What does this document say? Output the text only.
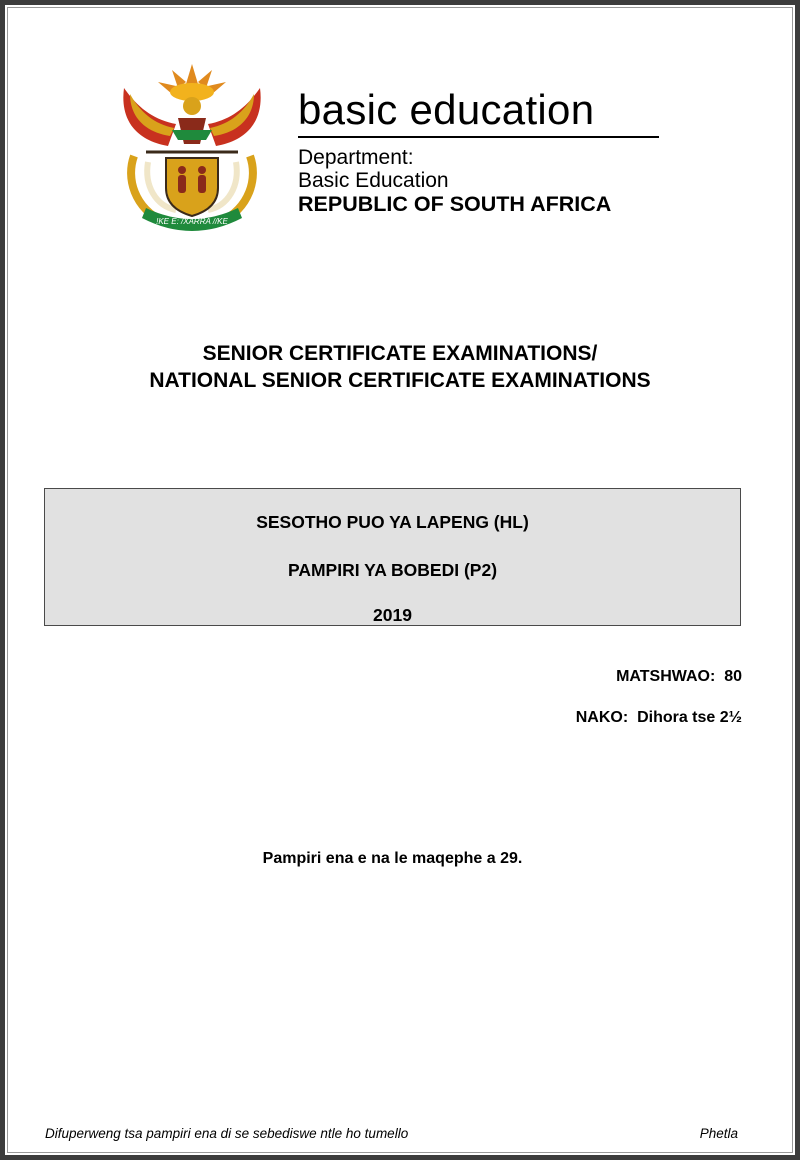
!KE E: /XARRA //KE
basic education
Department:
Basic Education
REPUBLIC OF SOUTH AFRICA
SENIOR CERTIFICATE EXAMINATIONS/
NATIONAL SENIOR CERTIFICATE EXAMINATIONS
SESOTHO PUO YA LAPENG (HL)
PAMPIRI YA BOBEDI (P2)
2019
MATSHWAO: 80
NAKO: Dihora tse 2½
Pampiri ena e na le maqephe a 29.
Difuperweng tsa pampiri ena di se sebediswe ntle ho tumello	Phetla
